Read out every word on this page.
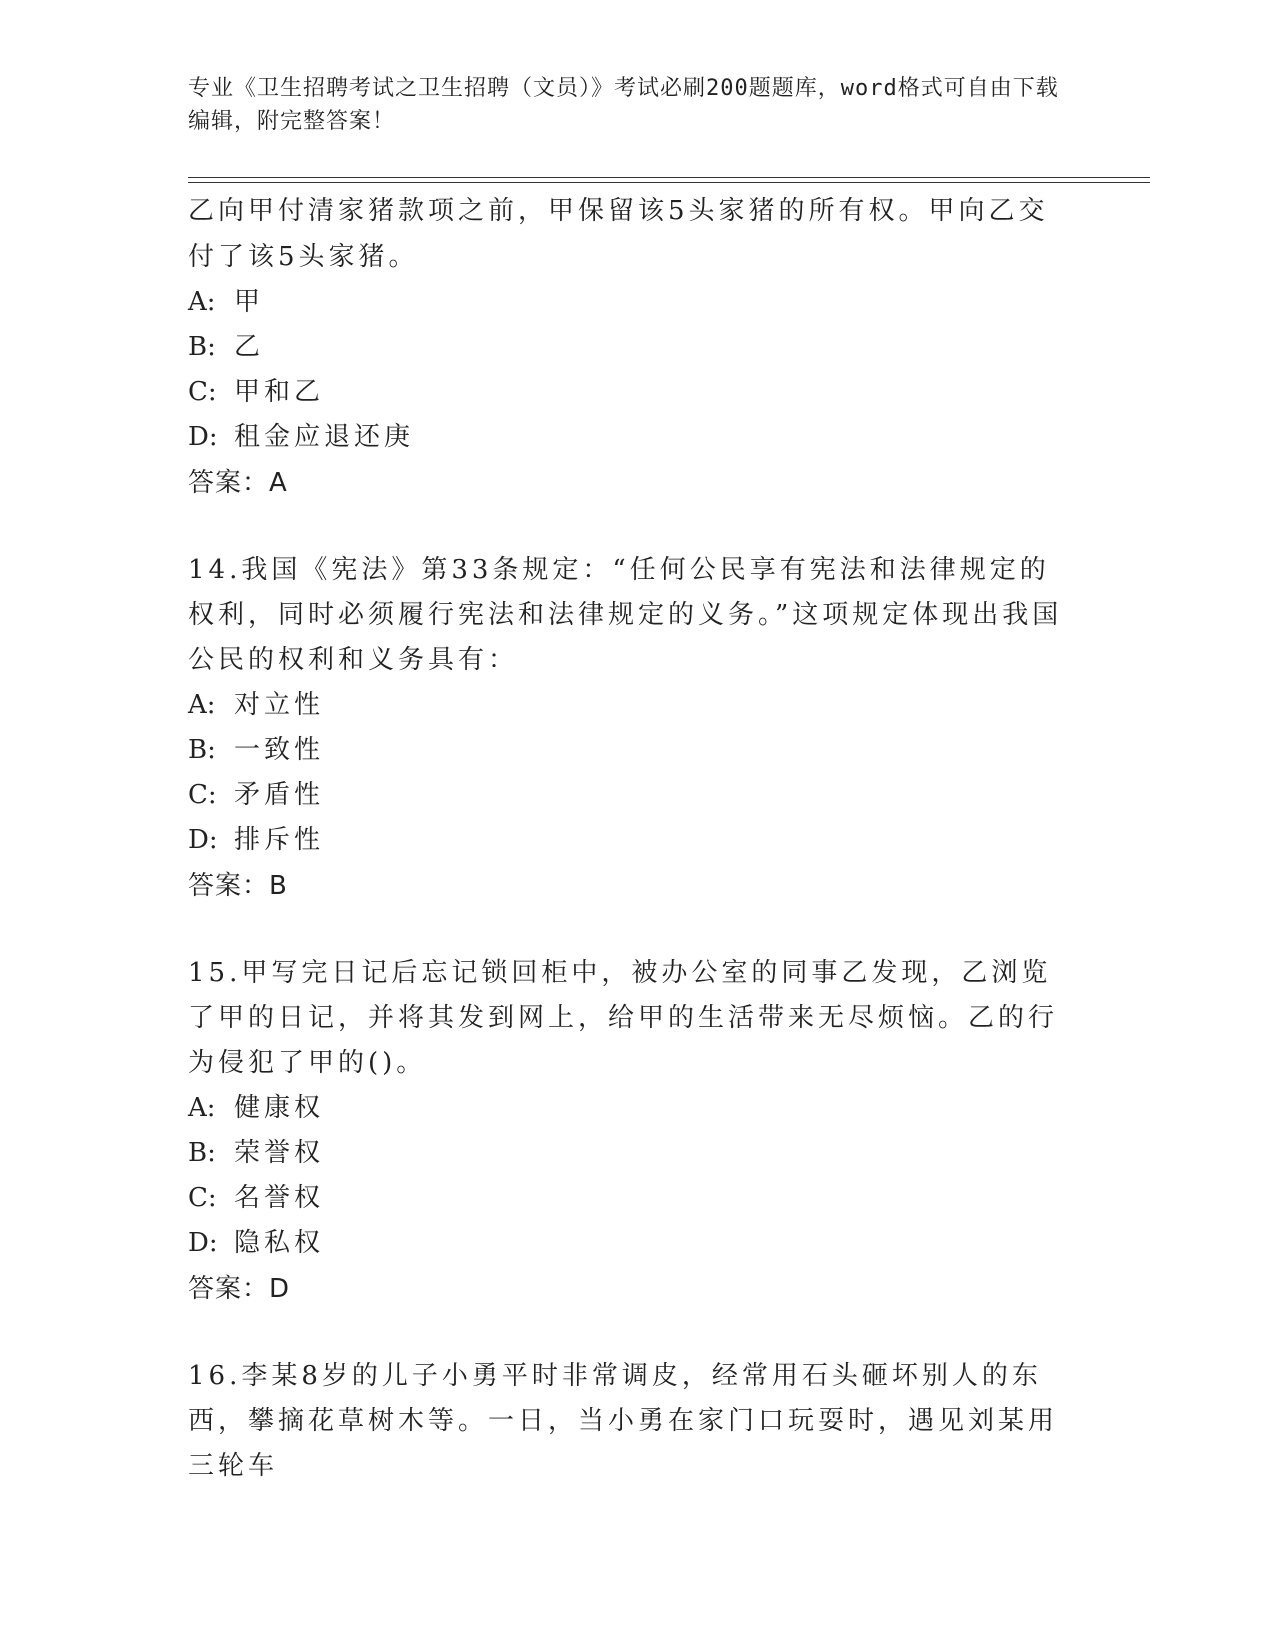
专业《卫生招聘考试之卫生招聘（文员）》考试必刷200题题库，word格式可自由下载编辑，附完整答案！
乙向甲付清家猪款项之前，甲保留该5头家猪的所有权。甲向乙交付了该5头家猪。
A: 甲
B: 乙
C: 甲和乙
D: 租金应退还庚
答案：A
14.我国《宪法》第33条规定：“任何公民享有宪法和法律规定的权利，同时必须履行宪法和法律规定的义务。”这项规定体现出我国公民的权利和义务具有：
A: 对立性
B: 一致性
C: 矛盾性
D: 排斥性
答案：B
15.甲写完日记后忘记锁回柜中，被办公室的同事乙发现，乙浏览了甲的日记，并将其发到网上，给甲的生活带来无尽烦恼。乙的行为侵犯了甲的()。
A: 健康权
B: 荣誉权
C: 名誉权
D: 隐私权
答案：D
16.李某8岁的儿子小勇平时非常调皮，经常用石头砸坏别人的东西，攀摘花草树木等。一日，当小勇在家门口玩耍时，遇见刘某用三轮车
